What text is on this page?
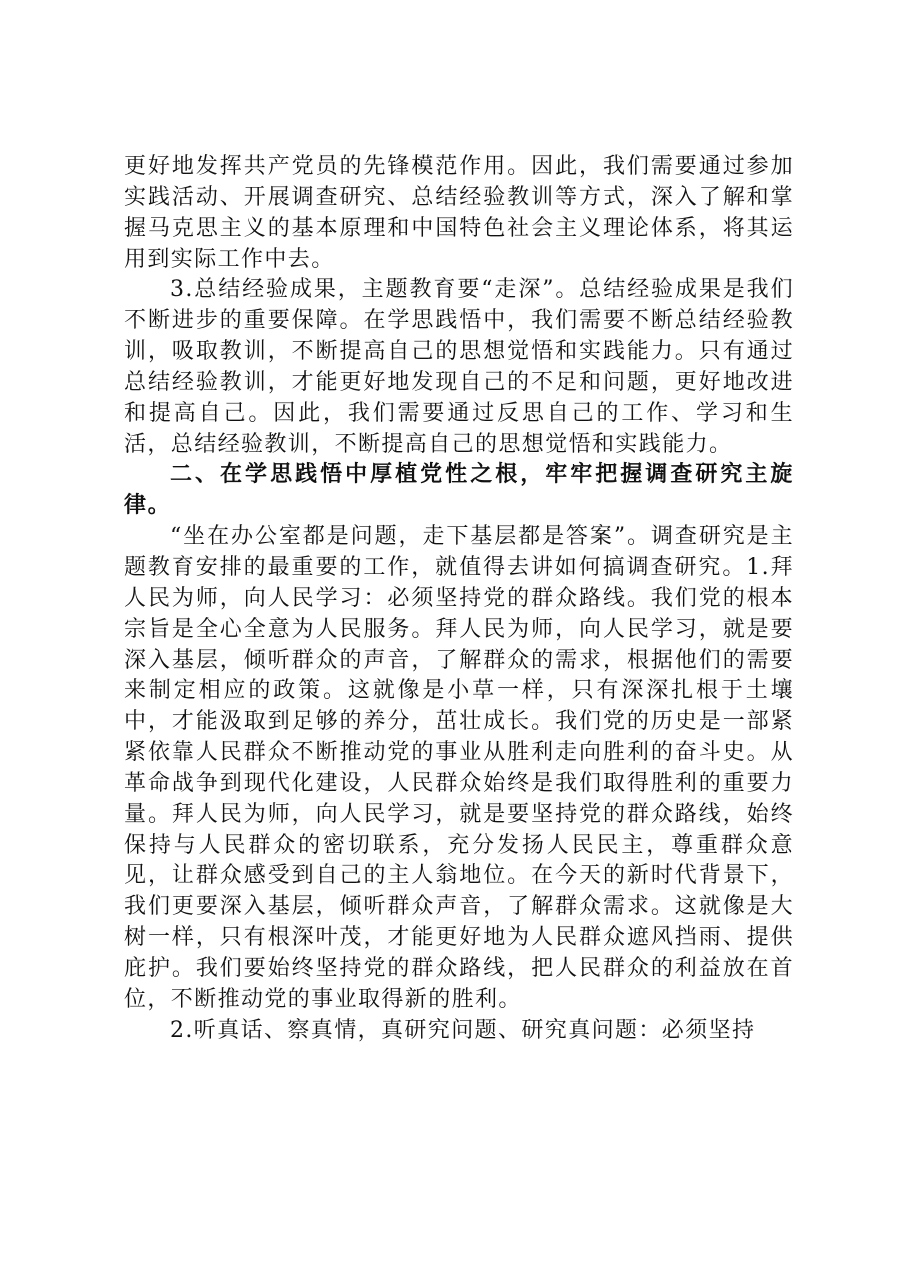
更好地发挥共产党员的先锋模范作用。因此，我们需要通过参加实践活动、开展调查研究、总结经验教训等方式，深入了解和掌握马克思主义的基本原理和中国特色社会主义理论体系，将其运用到实际工作中去。

3.总结经验成果，主题教育要“走深”。总结经验成果是我们不断进步的重要保障。在学思践悟中，我们需要不断总结经验教训，吸取教训，不断提高自己的思想觉悟和实践能力。只有通过总结经验教训，才能更好地发现自己的不足和问题，更好地改进和提高自己。因此，我们需要通过反思自己的工作、学习和生活，总结经验教训，不断提高自己的思想觉悟和实践能力。

二、在学思践悟中厚植党性之根，牢牢把握调查研究主旋律。

“坐在办公室都是问题，走下基层都是答案”。调查研究是主题教育安排的最重要的工作，就值得去讲如何搞调查研究。1.拜人民为师，向人民学习：必须坚持党的群众路线。我们党的根本宗旨是全心全意为人民服务。拜人民为师，向人民学习，就是要深入基层，倾听群众的声音，了解群众的需求，根据他们的需要来制定相应的政策。这就像是小草一样，只有深深扎根于土壤中，才能汲取到足够的养分，茁壮成长。我们党的历史是一部紧紧依靠人民群众不断推动党的事业从胜利走向胜利的奋斗史。从革命战争到现代化建设，人民群众始终是我们取得胜利的重要力量。拜人民为师，向人民学习，就是要坚持党的群众路线，始终保持与人民群众的密切联系，充分发扬人民民主，尊重群众意见，让群众感受到自己的主人翁地位。在今天的新时代背景下，我们更要深入基层，倾听群众声音，了解群众需求。这就像是大树一样，只有根深叶茂，才能更好地为人民群众遮风挡雨、提供庇护。我们要始终坚持党的群众路线，把人民群众的利益放在首位，不断推动党的事业取得新的胜利。

2.听真话、察真情，真研究问题、研究真问题：必须坚持
